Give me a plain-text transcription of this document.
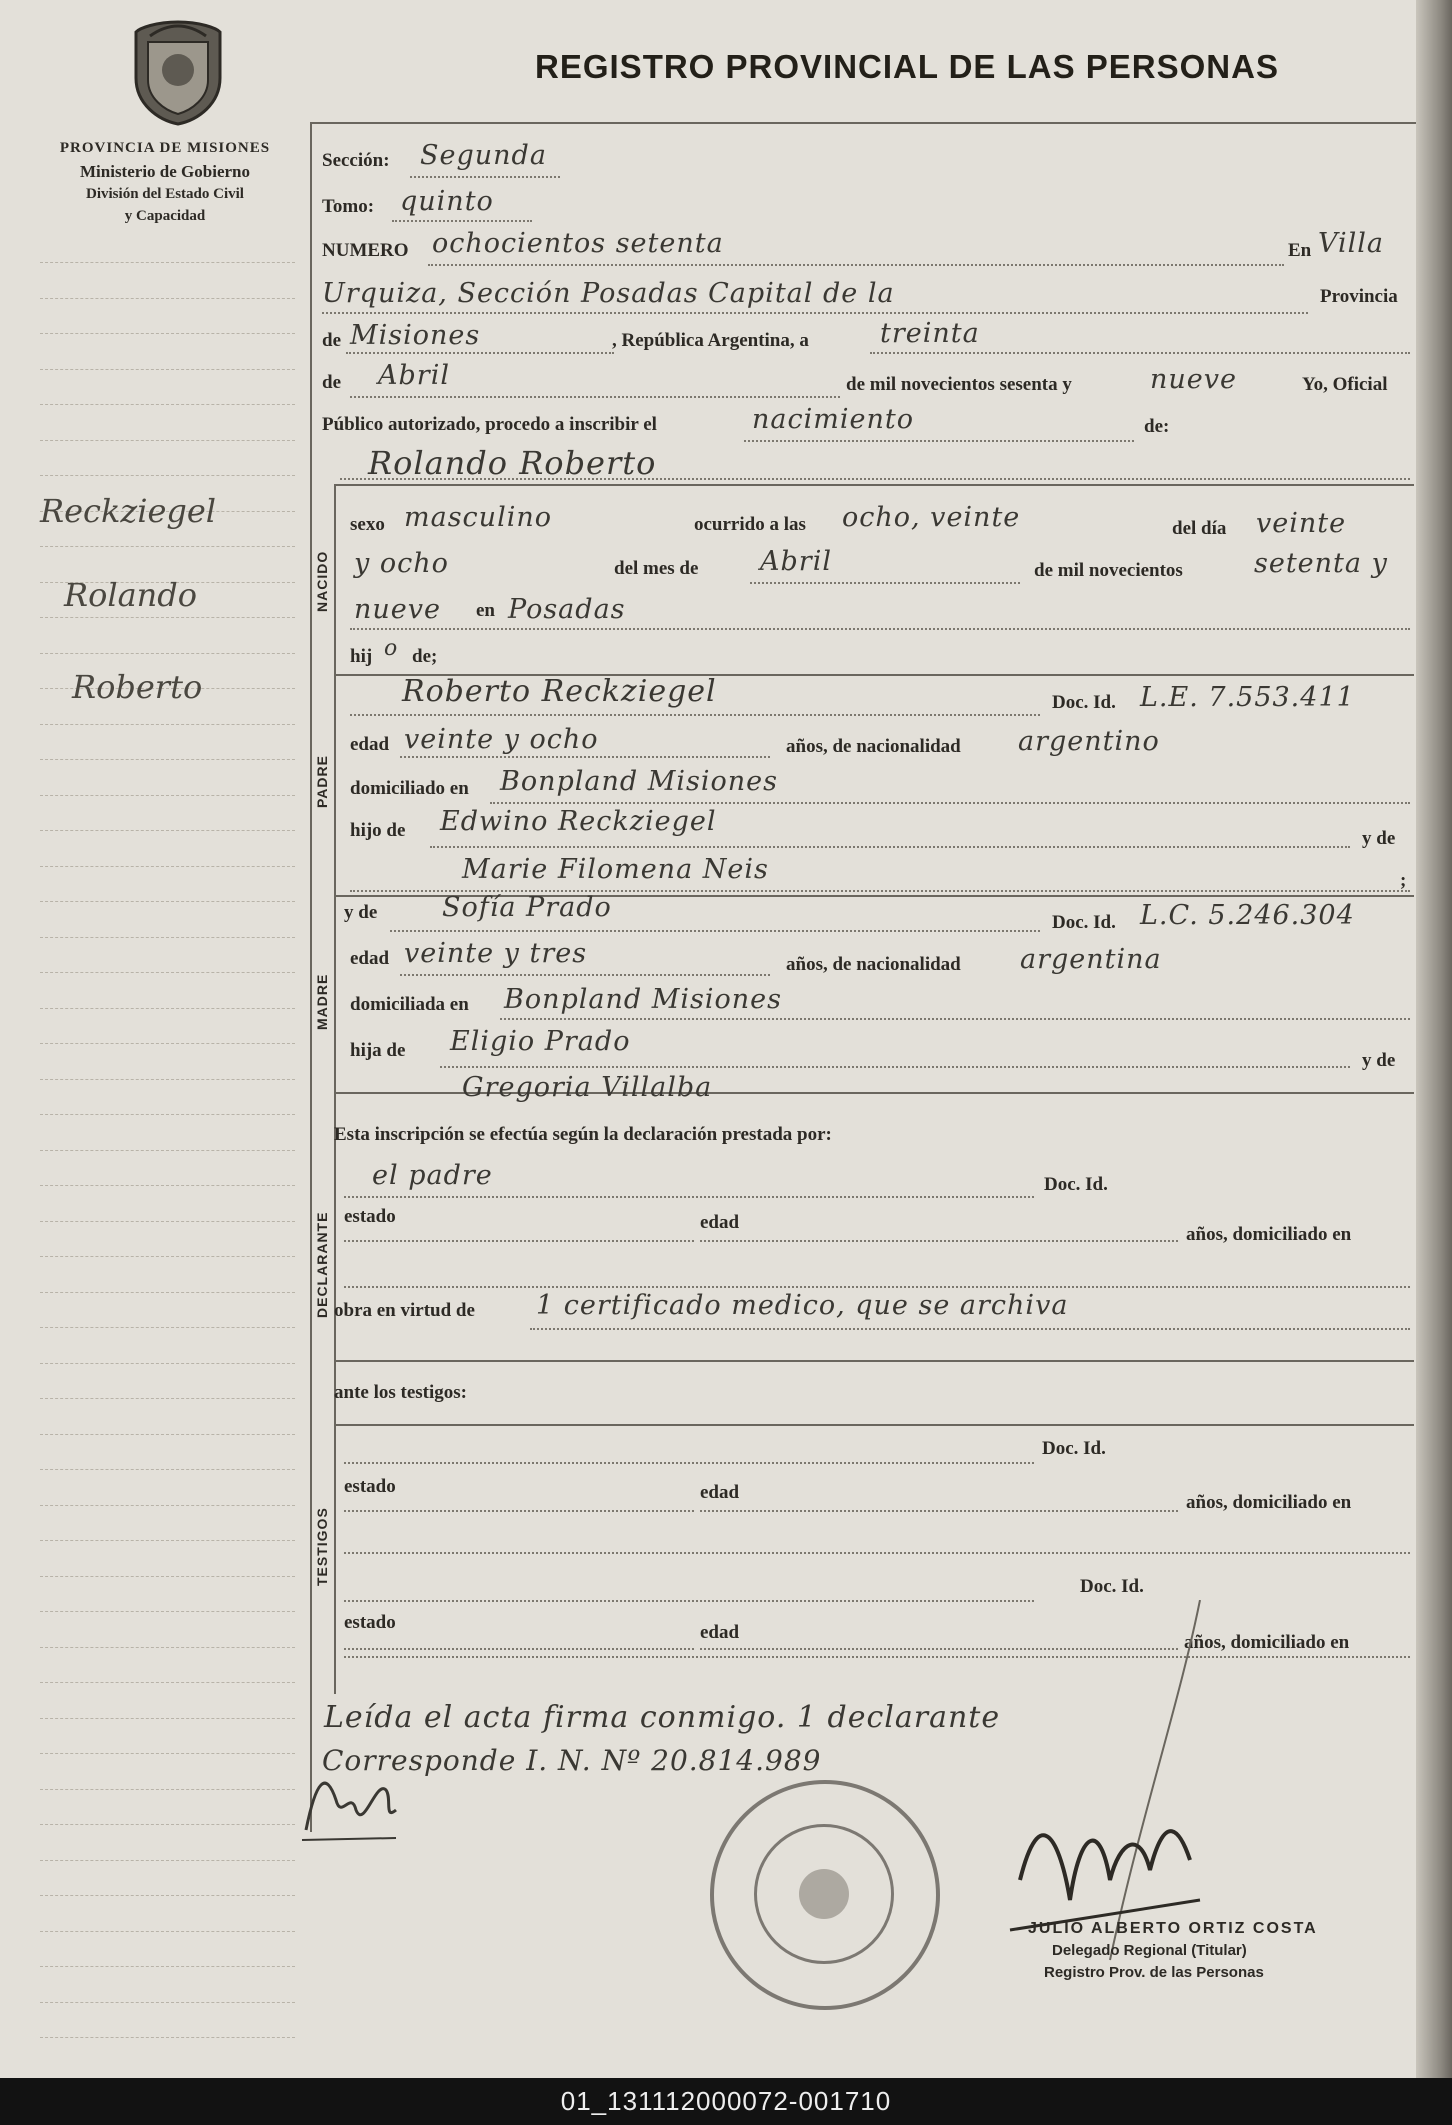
PROVINCIA DE MISIONES
Ministerio de Gobierno
División del Estado Civil
y Capacidad
Reckziegel
Rolando
Roberto
REGISTRO PROVINCIAL DE LAS PERSONAS
NACIDO
PADRE
MADRE
DECLARANTE
TESTIGOS
Sección: Segunda
Tomo: quinto
NUMERO ochocientos setenta	En Villa
Urquiza, Sección Posadas Capital de la	Provincia
de Misiones	, República Argentina, a	treinta
de Abril	de mil novecientos sesenta y	nueve	Yo, Oficial
Público autorizado, procedo a inscribir el	nacimiento	de:
Rolando Roberto
sexo masculino	ocurrido a las ocho, veinte	del día veinte
y ocho	del mes de Abril	de mil novecientos	setenta y
nueve en Posadas
hij o de;
Roberto Reckziegel	Doc. Id. L.E. 7.553.411
edad veinte y ocho	años, de nacionalidad argentino
domiciliado en Bonpland Misiones
hijo de Edwino Reckziegel
y de
Marie Filomena Neis	;
y de Sofía Prado	Doc. Id. L.C. 5.246.304
edad veinte y tres	años, de nacionalidad argentina
domiciliada en Bonpland Misiones
hija de Eligio Prado
y de
Gregoria Villalba
Esta inscripción se efectúa según la declaración prestada por:
el padre	Doc. Id.
estado	edad
años, domiciliado en
obra en virtud de 1 certificado medico, que se archiva
ante los testigos:
Doc. Id.
estado	edad	años, domiciliado en
Doc. Id.
estado	edad	años, domiciliado en
Leída el acta firma conmigo. 1 declarante
Corresponde I. N. Nº 20.814.989
JULIO ALBERTO ORTIZ COSTA
Delegado Regional (Titular)
Registro Prov. de las Personas
01_131112000072-001710
